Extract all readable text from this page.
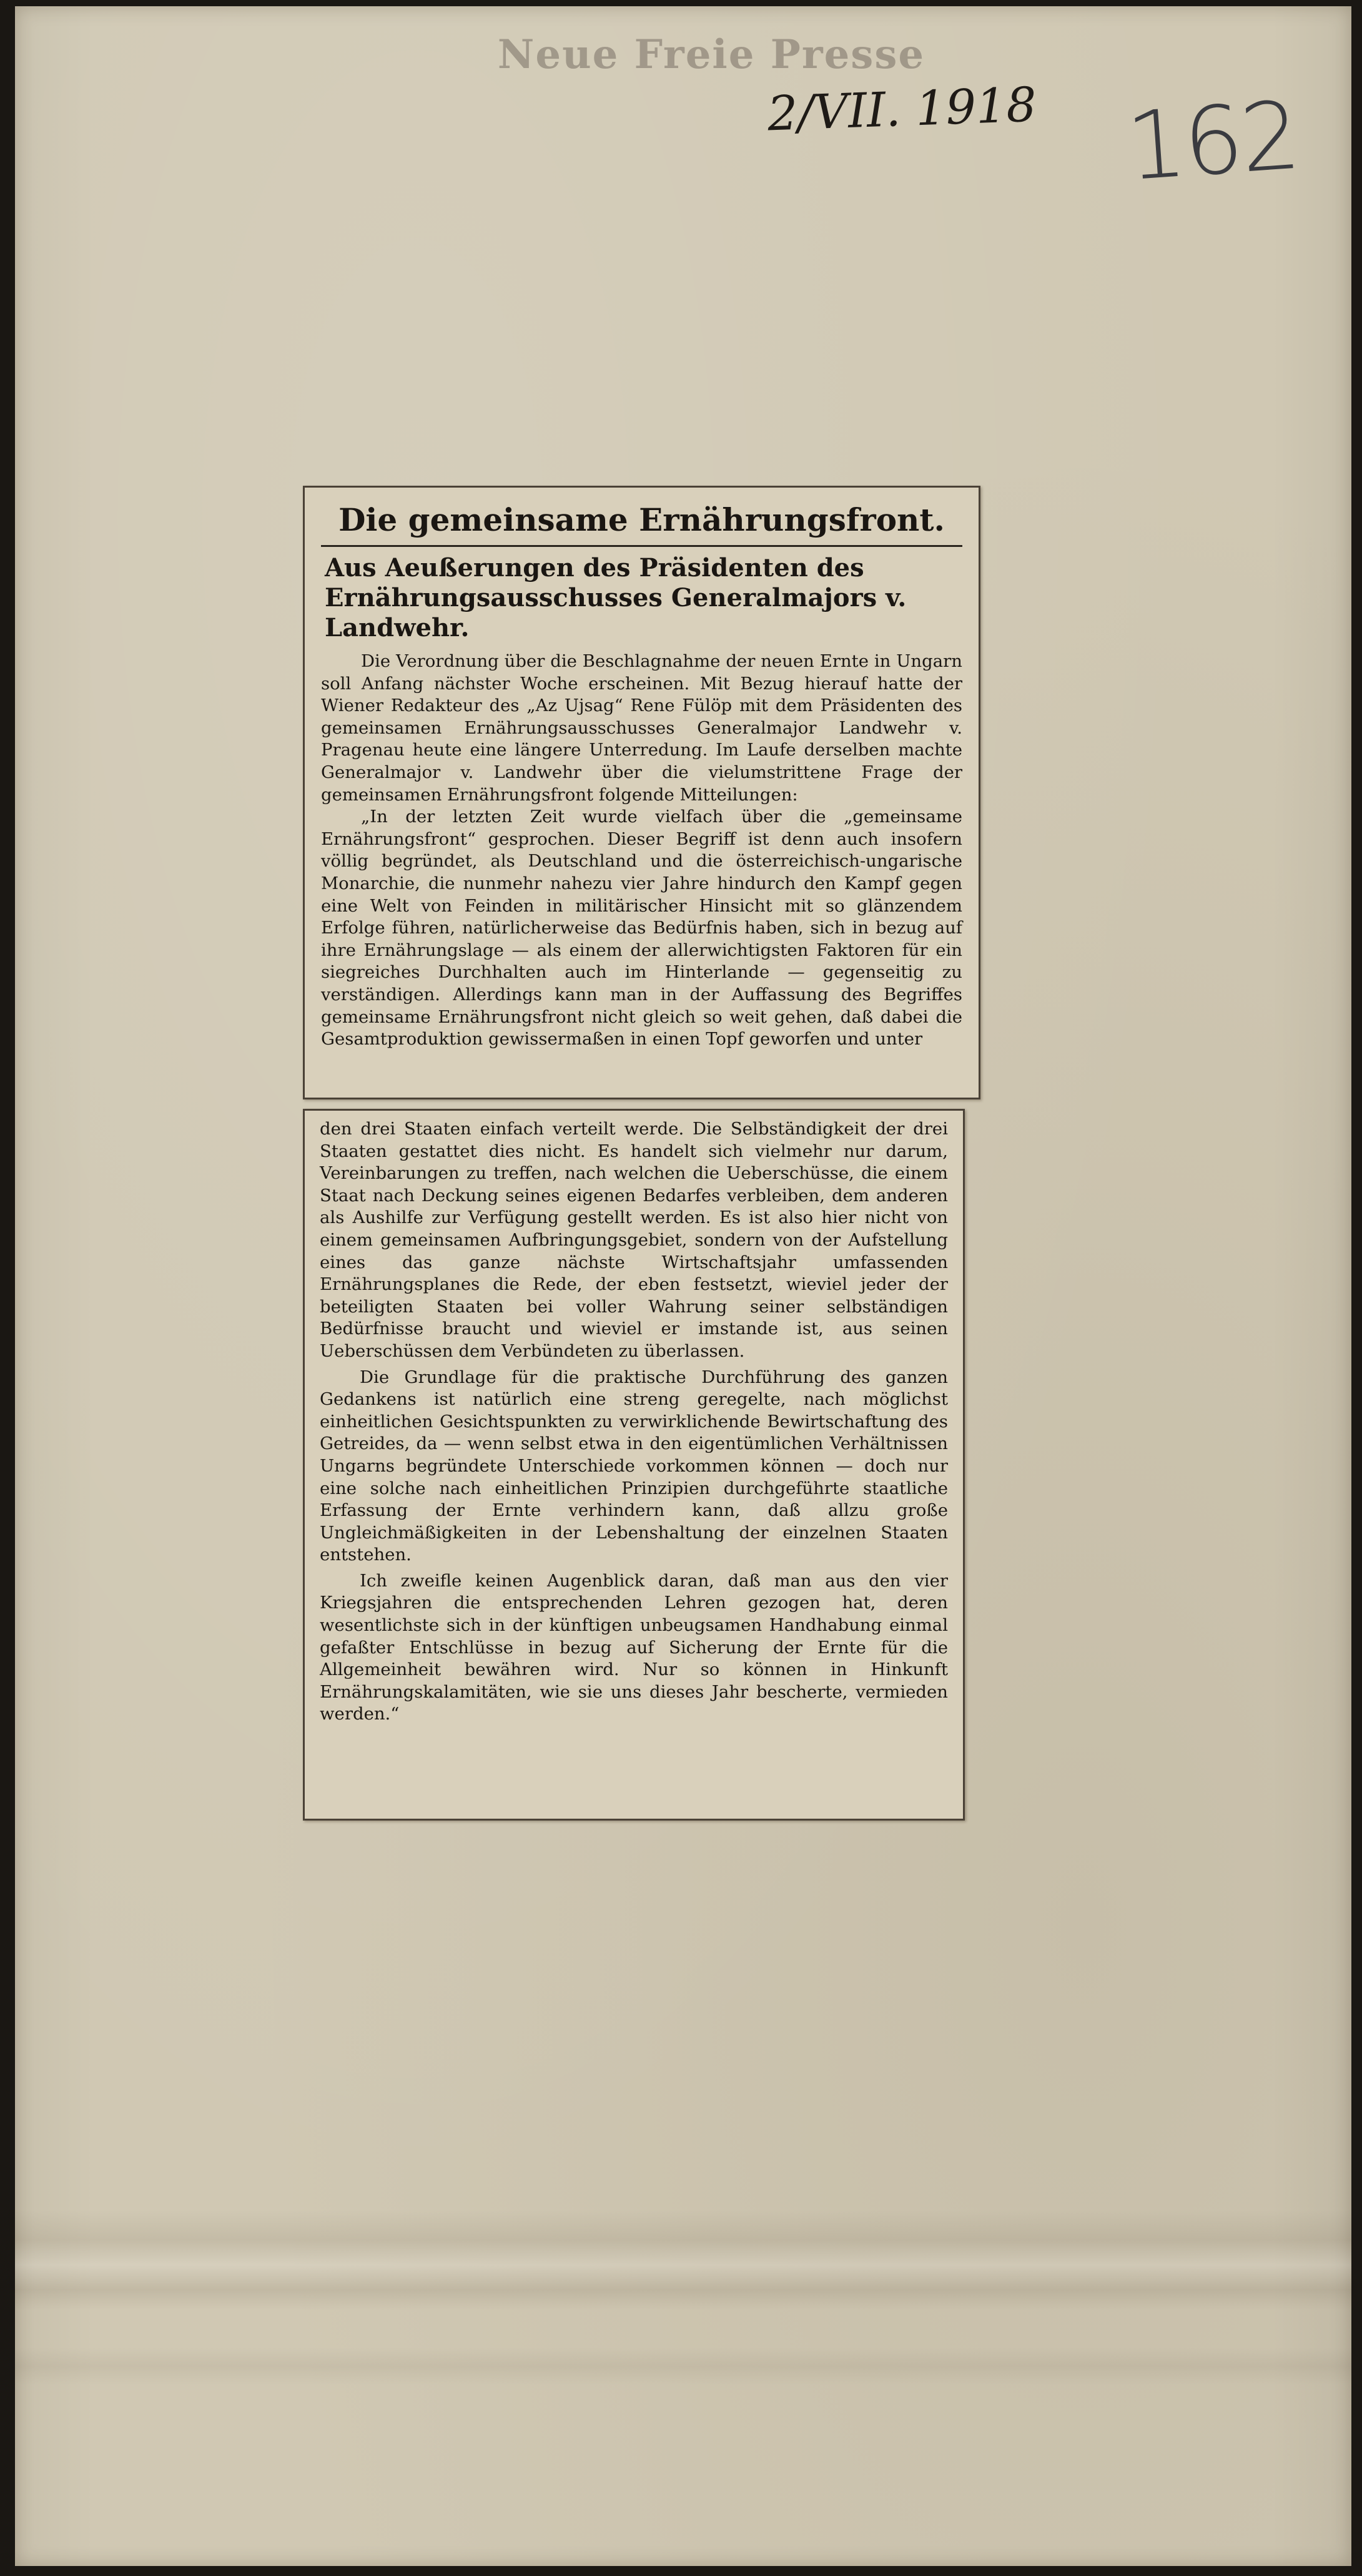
Neue Freie Presse
2/VII. 1918 162
Die gemeinsame Ernährungsfront.
Aus Aeußerungen des Präsidenten des Ernährungsausschusses Generalmajors v. Landwehr.

Die Verordnung über die Beschlagnahme der neuen Ernte in Ungarn soll Anfang nächster Woche erscheinen. Mit Bezug hierauf hatte der Wiener Redakteur des „Az Ujsag“ Rene Fülöp mit dem Präsidenten des gemeinsamen Ernährungsausschusses Generalmajor Landwehr v. Pragenau heute eine längere Unterredung. Im Laufe derselben machte Generalmajor v. Landwehr über die vielumstrittene Frage der gemeinsamen Ernährungsfront folgende Mitteilungen:

„In der letzten Zeit wurde vielfach über die „gemeinsame Ernährungsfront“ gesprochen. Dieser Begriff ist denn auch insofern völlig begründet, als Deutschland und die österreichisch-ungarische Monarchie, die nunmehr nahezu vier Jahre hindurch den Kampf gegen eine Welt von Feinden in militärischer Hinsicht mit so glänzendem Erfolge führen, natürlicherweise das Bedürfnis haben, sich in bezug auf ihre Ernährungslage — als einem der allerwichtigsten Faktoren für ein siegreiches Durchhalten auch im Hinterlande — gegenseitig zu verständigen. Allerdings kann man in der Auffassung des Begriffes gemeinsame Ernährungsfront nicht gleich so weit gehen, daß dabei die Gesamtproduktion gewissermaßen in einen Topf geworfen und unter

den drei Staaten einfach verteilt werde. Die Selbständigkeit der drei Staaten gestattet dies nicht. Es handelt sich vielmehr nur darum, Vereinbarungen zu treffen, nach welchen die Ueberschüsse, die einem Staat nach Deckung seines eigenen Bedarfes verbleiben, dem anderen als Aushilfe zur Verfügung gestellt werden. Es ist also hier nicht von einem gemeinsamen Aufbringungsgebiet, sondern von der Aufstellung eines das ganze nächste Wirtschaftsjahr umfassenden Ernährungsplanes die Rede, der eben festsetzt, wieviel jeder der beteiligten Staaten bei voller Wahrung seiner selbständigen Bedürfnisse braucht und wieviel er imstande ist, aus seinen Ueberschüssen dem Verbündeten zu überlassen.

Die Grundlage für die praktische Durchführung des ganzen Gedankens ist natürlich eine streng geregelte, nach möglichst einheitlichen Gesichtspunkten zu verwirklichende Bewirtschaftung des Getreides, da — wenn selbst etwa in den eigentümlichen Verhältnissen Ungarns begründete Unterschiede vorkommen können — doch nur eine solche nach einheitlichen Prinzipien durchgeführte staatliche Erfassung der Ernte verhindern kann, daß allzu große Ungleichmäßigkeiten in der Lebenshaltung der einzelnen Staaten entstehen.

Ich zweifle keinen Augenblick daran, daß man aus den vier Kriegsjahren die entsprechenden Lehren gezogen hat, deren wesentlichste sich in der künftigen unbeugsamen Handhabung einmal gefaßter Entschlüsse in bezug auf Sicherung der Ernte für die Allgemeinheit bewähren wird. Nur so können in Hinkunft Ernährungskalamitäten, wie sie uns dieses Jahr bescherte, vermieden werden.“
